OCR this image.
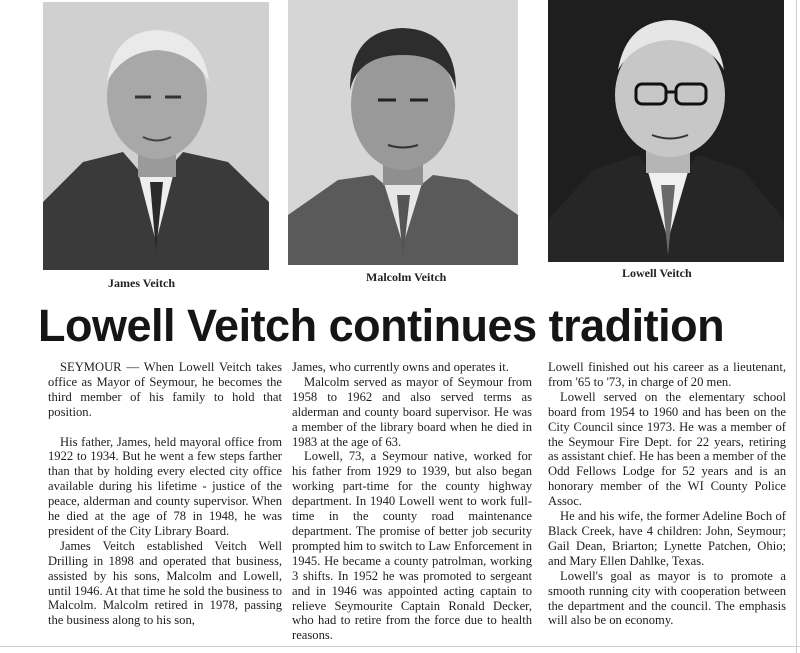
James Veitch	Malcolm Veitch	Lowell Veitch
Lowell Veitch continues tradition

SEYMOUR — When Lowell Veitch takes office as Mayor of Seymour, he becomes the third member of his family to hold that position.

His father, James, held mayoral office from 1922 to 1934. But he went a few steps farther than that by holding every elected city office available during his lifetime - justice of the peace, alderman and county supervisor. When he died at the age of 78 in 1948, he was president of the City Library Board.

James Veitch established Veitch Well Drilling in 1898 and operated that business, assisted by his sons, Malcolm and Lowell, until 1946. At that time he sold the business to Malcolm. Malcolm retired in 1978, passing the business along to his son,

James, who currently owns and operates it.

Malcolm served as mayor of Seymour from 1958 to 1962 and also served terms as alderman and county board supervisor. He was a member of the library board when he died in 1983 at the age of 63.

Lowell, 73, a Seymour native, worked for his father from 1929 to 1939, but also began working part-time for the county highway department. In 1940 Lowell went to work full-time in the county road maintenance department. The promise of better job security prompted him to switch to Law Enforcement in 1945. He became a county patrolman, working 3 shifts. In 1952 he was promoted to sergeant and in 1946 was appointed acting captain to relieve Seymourite Captain Ronald Decker, who had to retire from the force due to health reasons.

Lowell finished out his career as a lieutenant, from '65 to '73, in charge of 20 men.

Lowell served on the elementary school board from 1954 to 1960 and has been on the City Council since 1973. He was a member of the Seymour Fire Dept. for 22 years, retiring as assistant chief. He has been a member of the Odd Fellows Lodge for 52 years and is an honorary member of the WI County Police Assoc.

He and his wife, the former Adeline Boch of Black Creek, have 4 children: John, Seymour; Gail Dean, Briarton; Lynette Patchen, Ohio; and Mary Ellen Dahlke, Texas.

Lowell's goal as mayor is to promote a smooth running city with cooperation between the department and the council. The emphasis will also be on economy.
